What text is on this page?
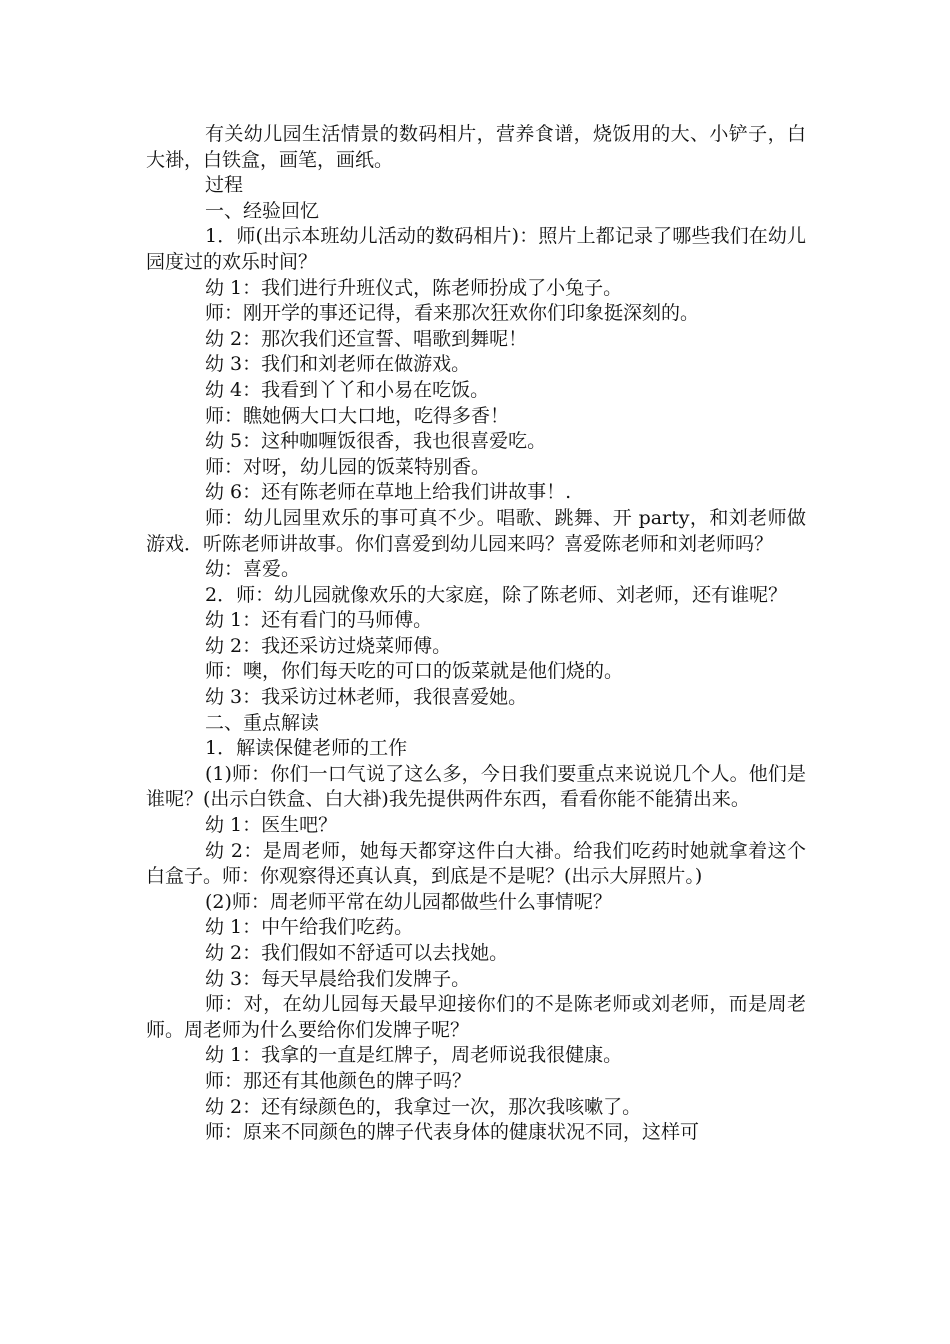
有关幼儿园生活情景的数码相片，营养食谱，烧饭用的大、小铲子，白大褂，白铁盒，画笔，画纸。

过程

一、经验回忆

1．师(出示本班幼儿活动的数码相片)：照片上都记录了哪些我们在幼儿园度过的欢乐时间？

幼 1：我们进行升班仪式，陈老师扮成了小兔子。

师：刚开学的事还记得，看来那次狂欢你们印象挺深刻的。

幼 2：那次我们还宣誓、唱歌到舞呢！

幼 3：我们和刘老师在做游戏。

幼 4：我看到丫丫和小易在吃饭。

师：瞧她俩大口大口地，吃得多香！

幼 5：这种咖喱饭很香，我也很喜爱吃。

师：对呀，幼儿园的饭菜特别香。

幼 6：还有陈老师在草地上给我们讲故事！.

师：幼儿园里欢乐的事可真不少。唱歌、跳舞、开 party，和刘老师做游戏．听陈老师讲故事。你们喜爱到幼儿园来吗？喜爱陈老师和刘老师吗？

幼：喜爱。

2．师：幼儿园就像欢乐的大家庭，除了陈老师、刘老师，还有谁呢？

幼 1：还有看门的马师傅。

幼 2：我还采访过烧菜师傅。

师：噢，你们每天吃的可口的饭菜就是他们烧的。

幼 3：我采访过林老师，我很喜爱她。

二、重点解读

1．解读保健老师的工作

(1)师：你们一口气说了这么多，今日我们要重点来说说几个人。他们是谁呢？(出示白铁盒、白大褂)我先提供两件东西，看看你能不能猜出来。

幼 1：医生吧？

幼 2：是周老师，她每天都穿这件白大褂。给我们吃药时她就拿着这个白盒子。师：你观察得还真认真，到底是不是呢？(出示大屏照片。)

(2)师：周老师平常在幼儿园都做些什么事情呢？

幼 1：中午给我们吃药。

幼 2：我们假如不舒适可以去找她。

幼 3：每天早晨给我们发牌子。

师：对，在幼儿园每天最早迎接你们的不是陈老师或刘老师，而是周老师。周老师为什么要给你们发牌子呢？

幼 1：我拿的一直是红牌子，周老师说我很健康。

师：那还有其他颜色的牌子吗？

幼 2：还有绿颜色的，我拿过一次，那次我咳嗽了。

师：原来不同颜色的牌子代表身体的健康状况不同，这样可
